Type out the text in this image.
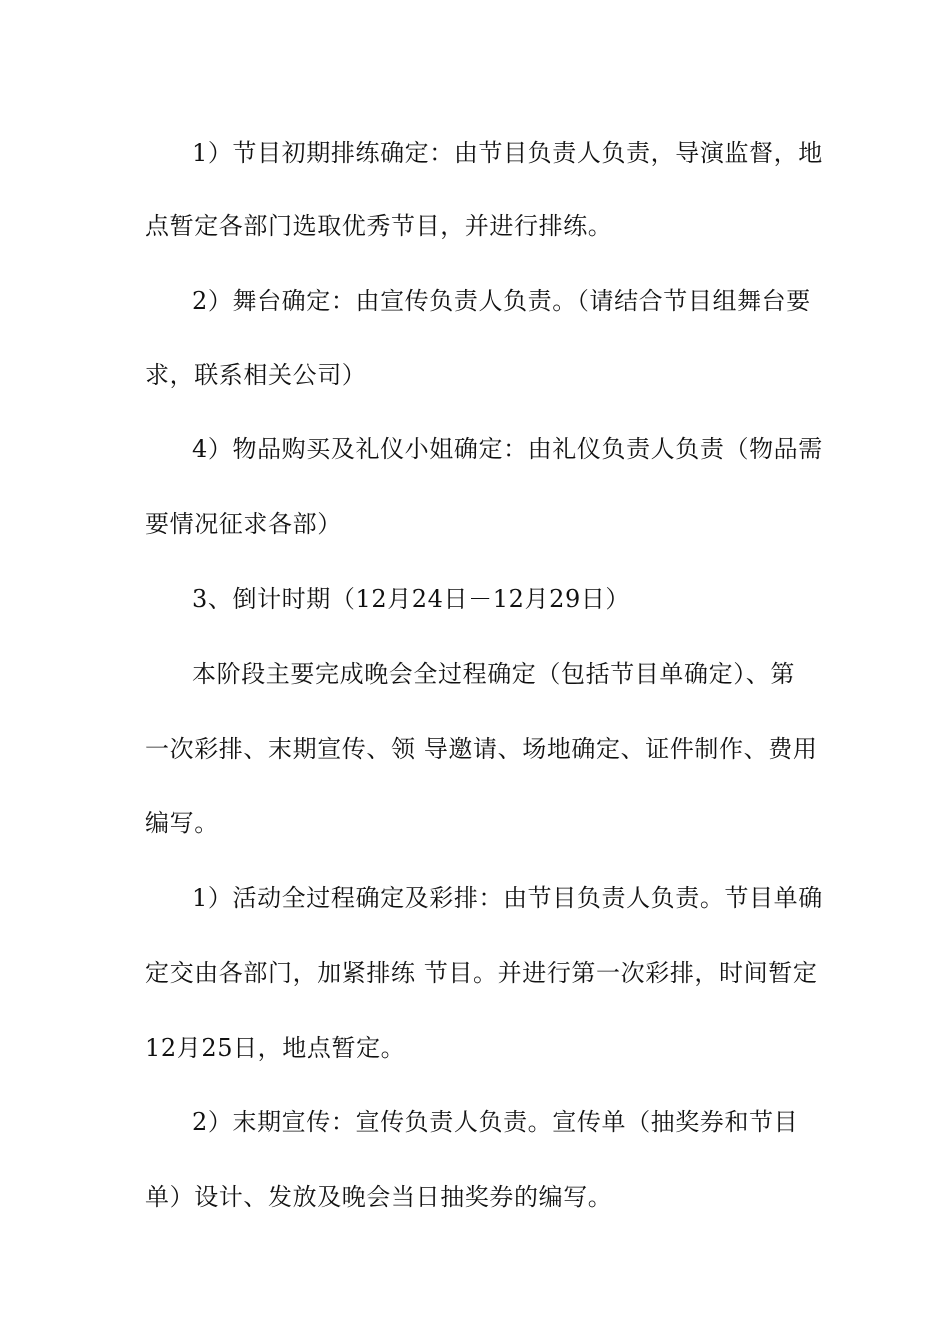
1）节目初期排练确定：由节目负责人负责，导演监督，地
点暂定各部门选取优秀节目，并进行排练。
2）舞台确定：由宣传负责人负责。（请结合节目组舞台要
求，联系相关公司）
4）物品购买及礼仪小姐确定：由礼仪负责人负责（物品需
要情况征求各部）
3、倒计时期（12月24日－12月29日）
本阶段主要完成晚会全过程确定（包括节目单确定）、第
一次彩排、末期宣传、领 导邀请、场地确定、证件制作、费用
编写。
1）活动全过程确定及彩排：由节目负责人负责。节目单确
定交由各部门，加紧排练 节目。并进行第一次彩排，时间暂定
12月25日，地点暂定。
2）末期宣传：宣传负责人负责。宣传单（抽奖券和节目
单）设计、发放及晚会当日抽奖券的编写。
